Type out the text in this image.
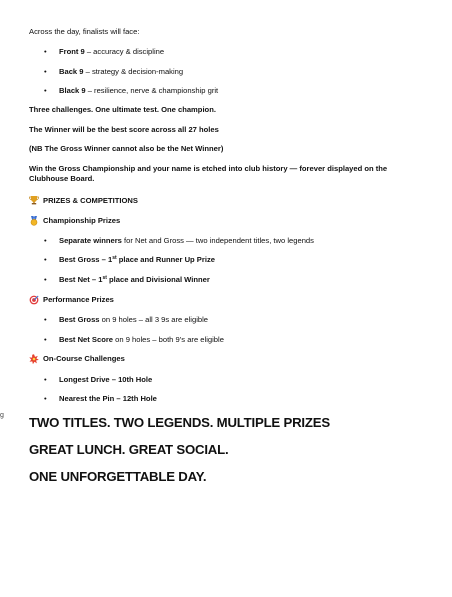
g
Across the day, finalists will face:
• Front 9 – accuracy & discipline
• Back 9 – strategy & decision-making
• Black 9 – resilience, nerve & championship grit
Three challenges. One ultimate test. One champion.
The Winner will be the best score across all 27 holes
(NB The Gross Winner cannot also be the Net Winner)
Win the Gross Championship and your name is etched into club history — forever displayed on the Clubhouse Board.
PRIZES & COMPETITIONS
Championship Prizes
• Separate winners for Net and Gross — two independent titles, two legends
• Best Gross – 1st place and Runner Up Prize
• Best Net – 1st place and Divisional Winner
Performance Prizes
• Best Gross on 9 holes – all 3 9s are eligible
• Best Net Score on 9 holes – both 9’s are eligible
On-Course Challenges
• Longest Drive – 10th Hole
• Nearest the Pin – 12th Hole
TWO TITLES. TWO LEGENDS. MULTIPLE PRIZES
GREAT LUNCH. GREAT SOCIAL.
ONE UNFORGETTABLE DAY.
